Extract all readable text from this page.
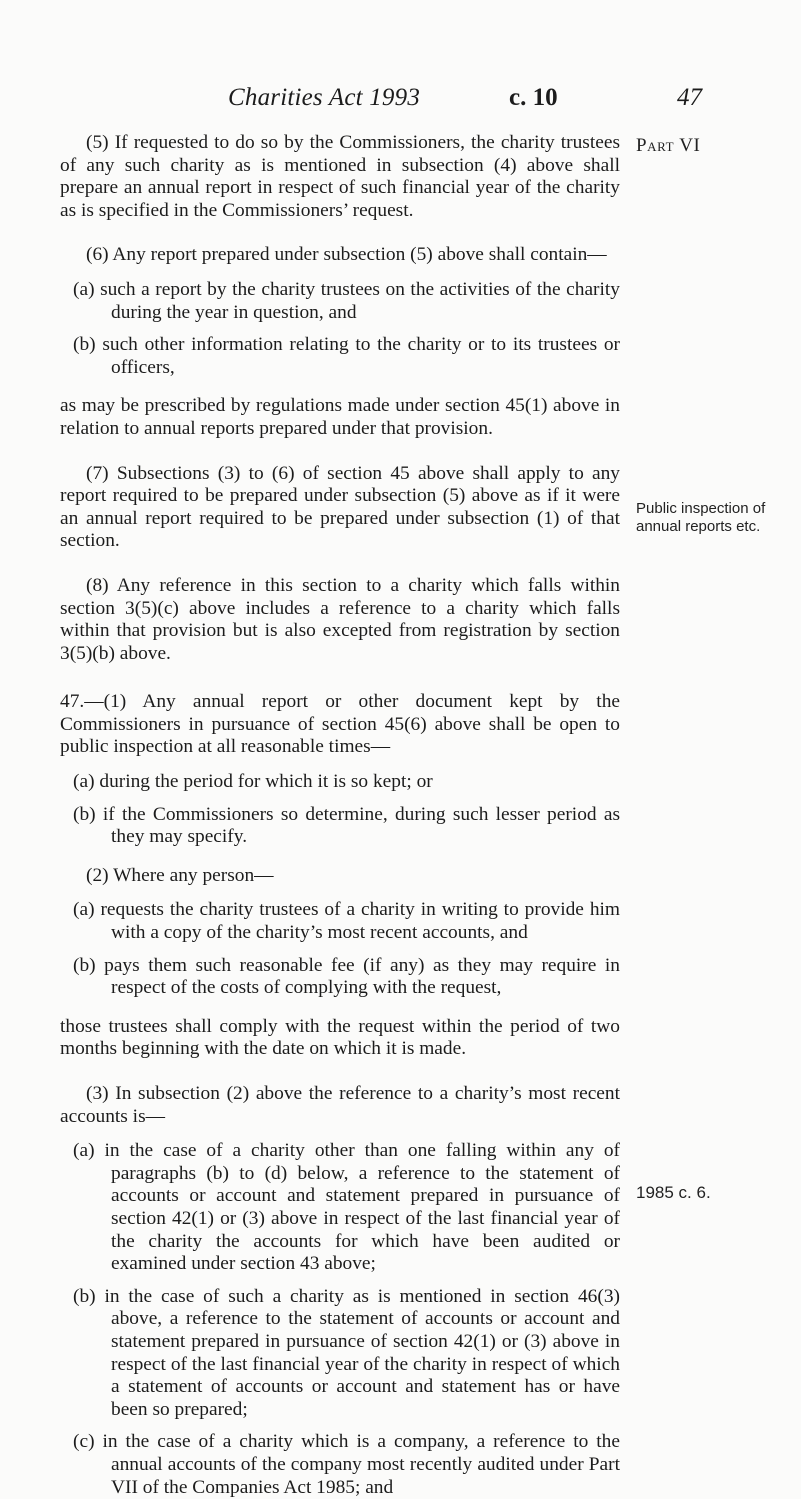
Charities Act 1993	c. 10	47
Part VI
Public inspection of annual reports etc.
1985 c. 6.

(5) If requested to do so by the Commissioners, the charity trustees of any such charity as is mentioned in subsection (4) above shall prepare an annual report in respect of such financial year of the charity as is specified in the Commissioners’ request.

(6) Any report prepared under subsection (5) above shall contain—

(a) such a report by the charity trustees on the activities of the charity during the year in question, and

(b) such other information relating to the charity or to its trustees or officers,

as may be prescribed by regulations made under section 45(1) above in relation to annual reports prepared under that provision.

(7) Subsections (3) to (6) of section 45 above shall apply to any report required to be prepared under subsection (5) above as if it were an annual report required to be prepared under subsection (1) of that section.

(8) Any reference in this section to a charity which falls within section 3(5)(c) above includes a reference to a charity which falls within that provision but is also excepted from registration by section 3(5)(b) above.

47.—(1) Any annual report or other document kept by the Commissioners in pursuance of section 45(6) above shall be open to public inspection at all reasonable times—

(a) during the period for which it is so kept; or

(b) if the Commissioners so determine, during such lesser period as they may specify.

(2) Where any person—

(a) requests the charity trustees of a charity in writing to provide him with a copy of the charity’s most recent accounts, and

(b) pays them such reasonable fee (if any) as they may require in respect of the costs of complying with the request,

those trustees shall comply with the request within the period of two months beginning with the date on which it is made.

(3) In subsection (2) above the reference to a charity’s most recent accounts is—

(a) in the case of a charity other than one falling within any of paragraphs (b) to (d) below, a reference to the statement of accounts or account and statement prepared in pursuance of section 42(1) or (3) above in respect of the last financial year of the charity the accounts for which have been audited or examined under section 43 above;

(b) in the case of such a charity as is mentioned in section 46(3) above, a reference to the statement of accounts or account and statement prepared in pursuance of section 42(1) or (3) above in respect of the last financial year of the charity in respect of which a statement of accounts or account and statement has or have been so prepared;

(c) in the case of a charity which is a company, a reference to the annual accounts of the company most recently audited under Part VII of the Companies Act 1985; and
